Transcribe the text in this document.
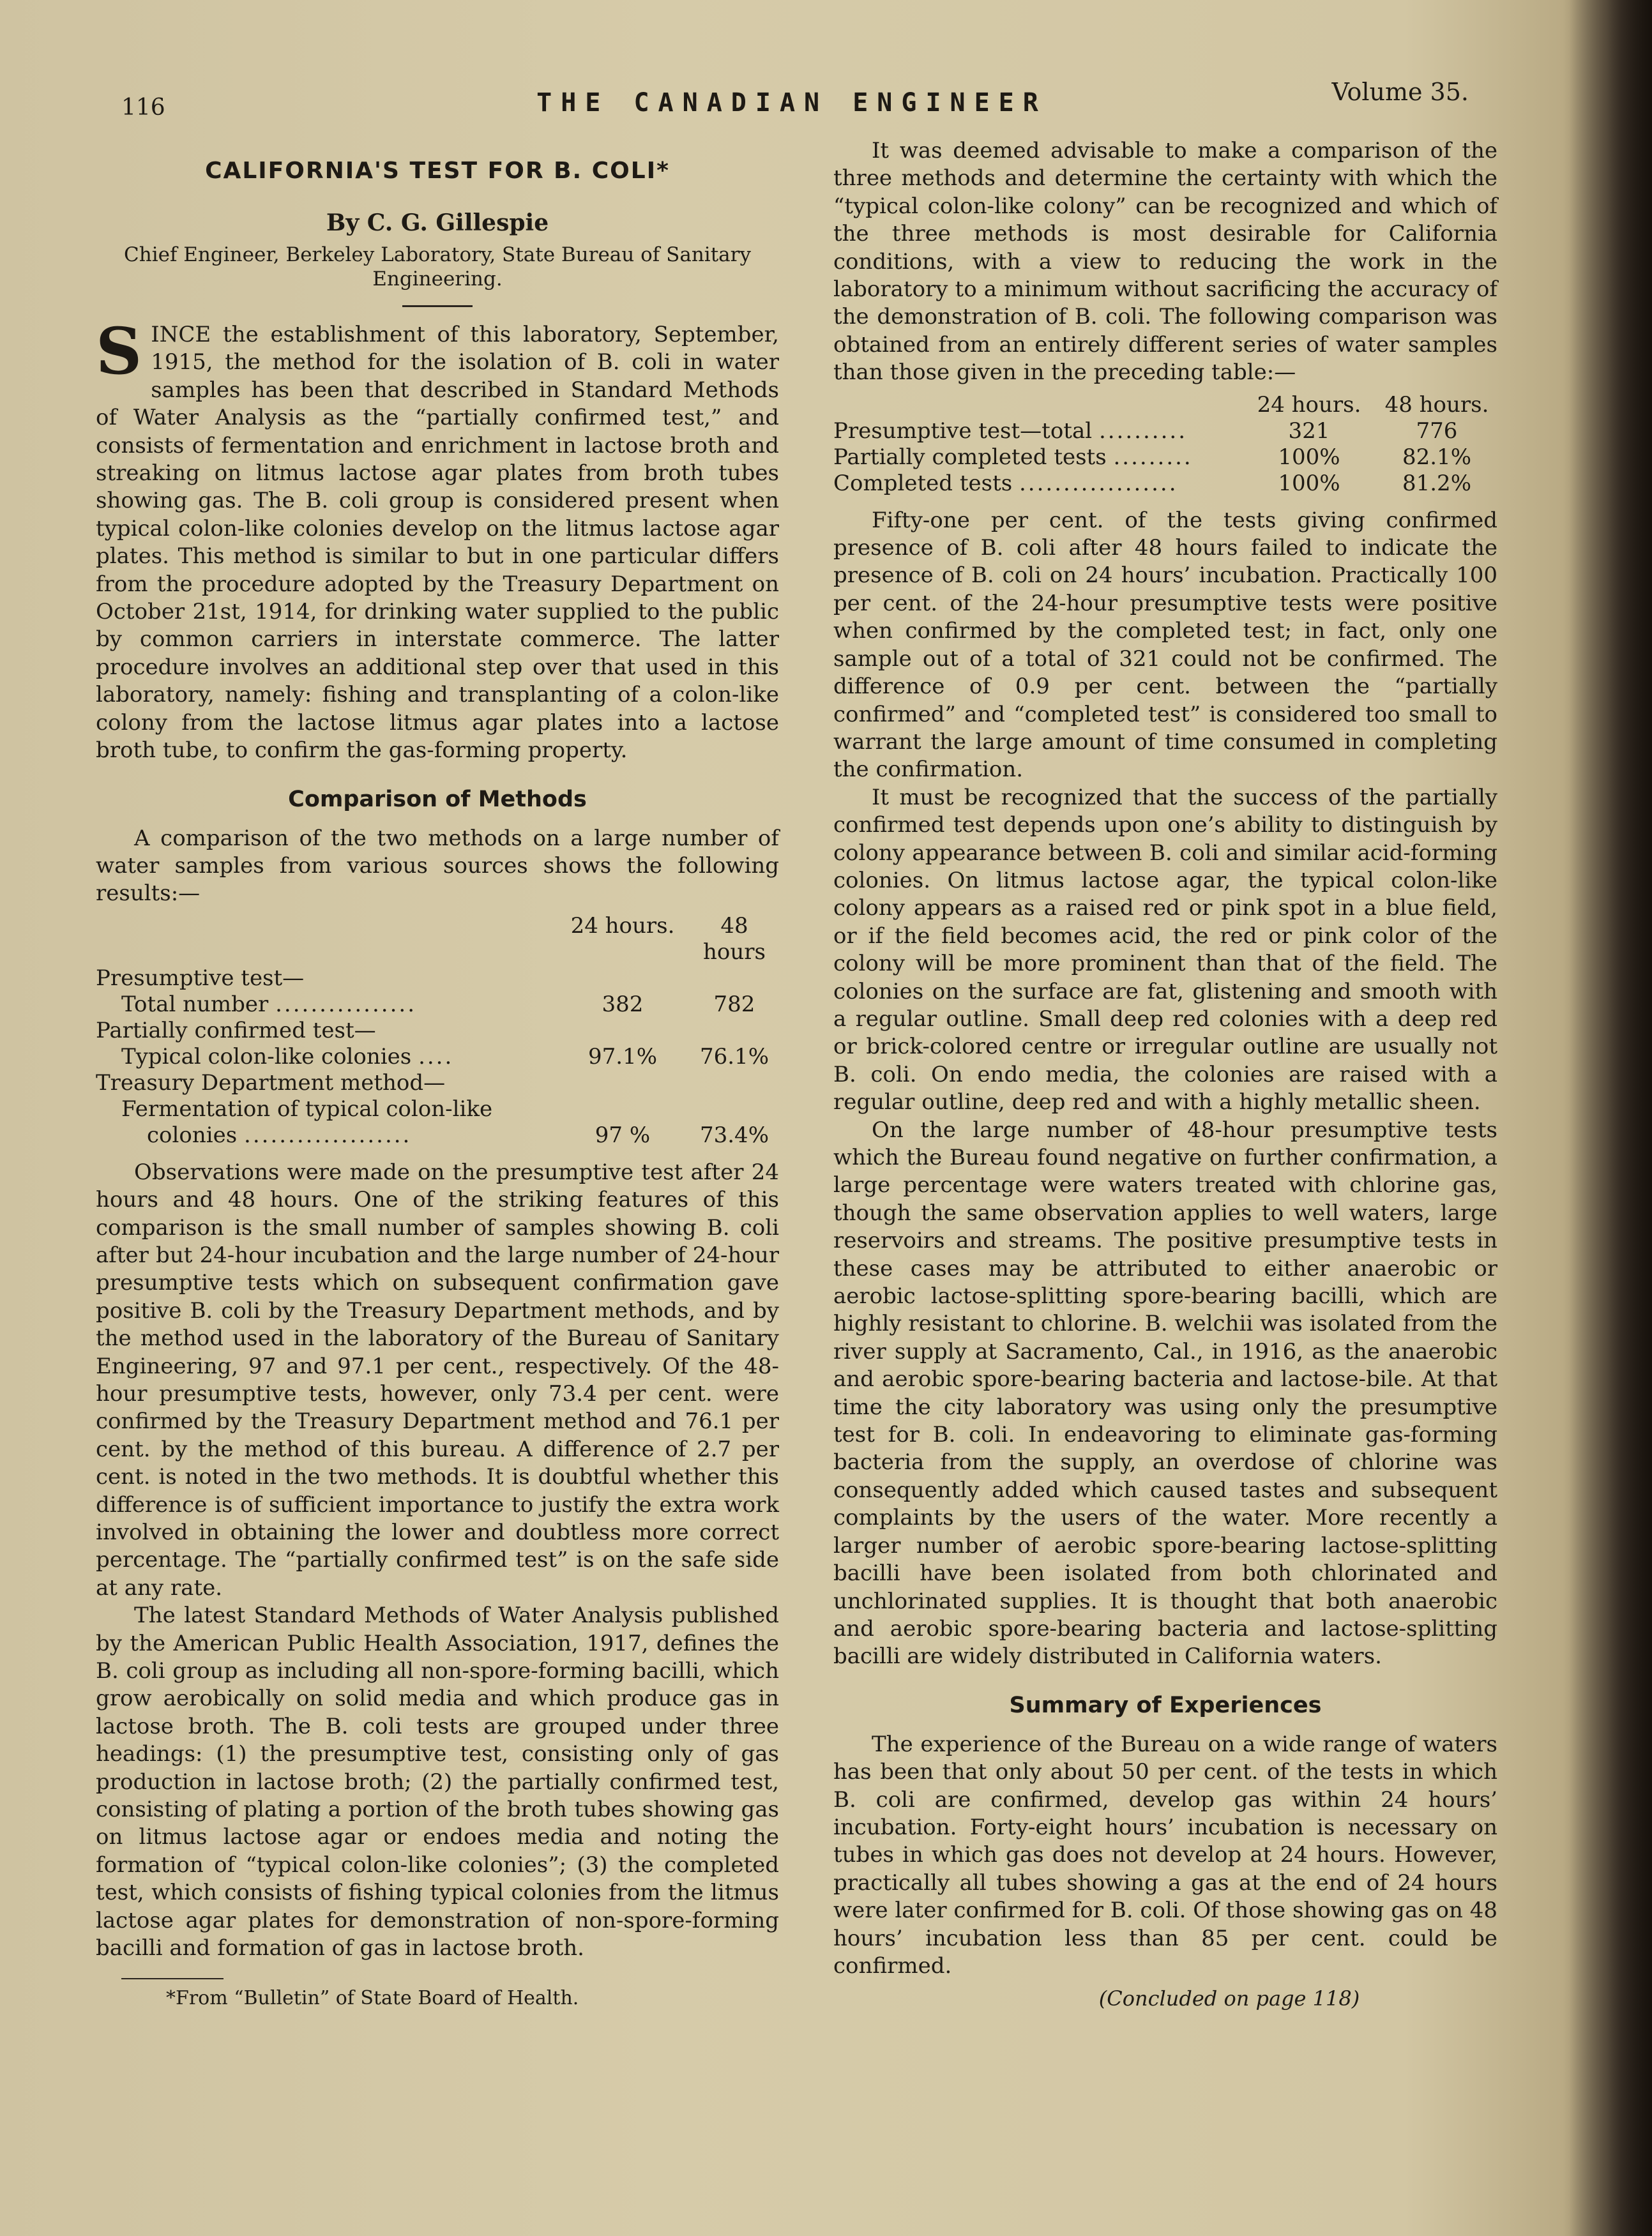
116	THE CANADIAN ENGINEER	Volume 35.
CALIFORNIA'S TEST FOR B. COLI*
By C. G. Gillespie
Chief Engineer, Berkeley Laboratory, State Bureau of Sanitary Engineering.

SINCE the establishment of this laboratory, September, 1915, the method for the isolation of B. coli in water samples has been that described in Standard Methods of Water Analysis as the “partially confirmed test,” and consists of fermentation and enrichment in lactose broth and streaking on litmus lactose agar plates from broth tubes showing gas. The B. coli group is considered present when typical colon-like colonies develop on the litmus lactose agar plates. This method is similar to but in one particular differs from the procedure adopted by the Treasury Department on October 21st, 1914, for drinking water supplied to the public by common carriers in interstate commerce. The latter procedure involves an additional step over that used in this laboratory, namely: fishing and transplanting of a colon-like colony from the lactose litmus agar plates into a lactose broth tube, to confirm the gas-forming property.

Comparison of Methods

A comparison of the two methods on a large number of water samples from various sources shows the following results:—

	24 hours.	48 hours
Presumptive test—		
Total number ................	382	782
Partially confirmed test—		
Typical colon-like colonies ....	97.1%	76.1%
Treasury Department method—		
Fermentation of typical colon-like		
colonies ...................	97 %	73.4%

Observations were made on the presumptive test after 24 hours and 48 hours. One of the striking features of this comparison is the small number of samples showing B. coli after but 24-hour incubation and the large number of 24-hour presumptive tests which on subsequent confirmation gave positive B. coli by the Treasury Department methods, and by the method used in the laboratory of the Bureau of Sanitary Engineering, 97 and 97.1 per cent., respectively. Of the 48-hour presumptive tests, however, only 73.4 per cent. were confirmed by the Treasury Department method and 76.1 per cent. by the method of this bureau. A difference of 2.7 per cent. is noted in the two methods. It is doubtful whether this difference is of sufficient importance to justify the extra work involved in obtaining the lower and doubtless more correct percentage. The “partially confirmed test” is on the safe side at any rate.

The latest Standard Methods of Water Analysis published by the American Public Health Association, 1917, defines the B. coli group as including all non-spore-forming bacilli, which grow aerobically on solid media and which produce gas in lactose broth. The B. coli tests are grouped under three headings: (1) the presumptive test, consisting only of gas production in lactose broth; (2) the partially confirmed test, consisting of plating a portion of the broth tubes showing gas on litmus lactose agar or endoes media and noting the formation of “typical colon-like colonies”; (3) the completed test, which consists of fishing typical colonies from the litmus lactose agar plates for demonstration of non-spore-forming bacilli and formation of gas in lactose broth.

*From “Bulletin” of State Board of Health.

It was deemed advisable to make a comparison of the three methods and determine the certainty with which the “typical colon-like colony” can be recognized and which of the three methods is most desirable for California conditions, with a view to reducing the work in the laboratory to a minimum without sacrificing the accuracy of the demonstration of B. coli. The following comparison was obtained from an entirely different series of water samples than those given in the preceding table:—

	24 hours.	48 hours.
Presumptive test—total ..........	321	776
Partially completed tests .........	100%	82.1%
Completed tests ..................	100%	81.2%

Fifty-one per cent. of the tests giving confirmed presence of B. coli after 48 hours failed to indicate the presence of B. coli on 24 hours’ incubation. Practically 100 per cent. of the 24-hour presumptive tests were positive when confirmed by the completed test; in fact, only one sample out of a total of 321 could not be confirmed. The difference of 0.9 per cent. between the “partially confirmed” and “completed test” is considered too small to warrant the large amount of time consumed in completing the confirmation.

It must be recognized that the success of the partially confirmed test depends upon one’s ability to distinguish by colony appearance between B. coli and similar acid-forming colonies. On litmus lactose agar, the typical colon-like colony appears as a raised red or pink spot in a blue field, or if the field becomes acid, the red or pink color of the colony will be more prominent than that of the field. The colonies on the surface are fat, glistening and smooth with a regular outline. Small deep red colonies with a deep red or brick-colored centre or irregular outline are usually not B. coli. On endo media, the colonies are raised with a regular outline, deep red and with a highly metallic sheen.

On the large number of 48-hour presumptive tests which the Bureau found negative on further confirmation, a large percentage were waters treated with chlorine gas, though the same observation applies to well waters, large reservoirs and streams. The positive presumptive tests in these cases may be attributed to either anaerobic or aerobic lactose-splitting spore-bearing bacilli, which are highly resistant to chlorine. B. welchii was isolated from the river supply at Sacramento, Cal., in 1916, as the anaerobic and aerobic spore-bearing bacteria and lactose-bile. At that time the city laboratory was using only the presumptive test for B. coli. In endeavoring to eliminate gas-forming bacteria from the supply, an overdose of chlorine was consequently added which caused tastes and subsequent complaints by the users of the water. More recently a larger number of aerobic spore-bearing lactose-splitting bacilli have been isolated from both chlorinated and unchlorinated supplies. It is thought that both anaerobic and aerobic spore-bearing bacteria and lactose-splitting bacilli are widely distributed in California waters.

Summary of Experiences

The experience of the Bureau on a wide range of waters has been that only about 50 per cent. of the tests in which B. coli are confirmed, develop gas within 24 hours’ incubation. Forty-eight hours’ incubation is necessary on tubes in which gas does not develop at 24 hours. However, practically all tubes showing a gas at the end of 24 hours were later confirmed for B. coli. Of those showing gas on 48 hours’ incubation less than 85 per cent. could be confirmed.

(Concluded on page 118)
